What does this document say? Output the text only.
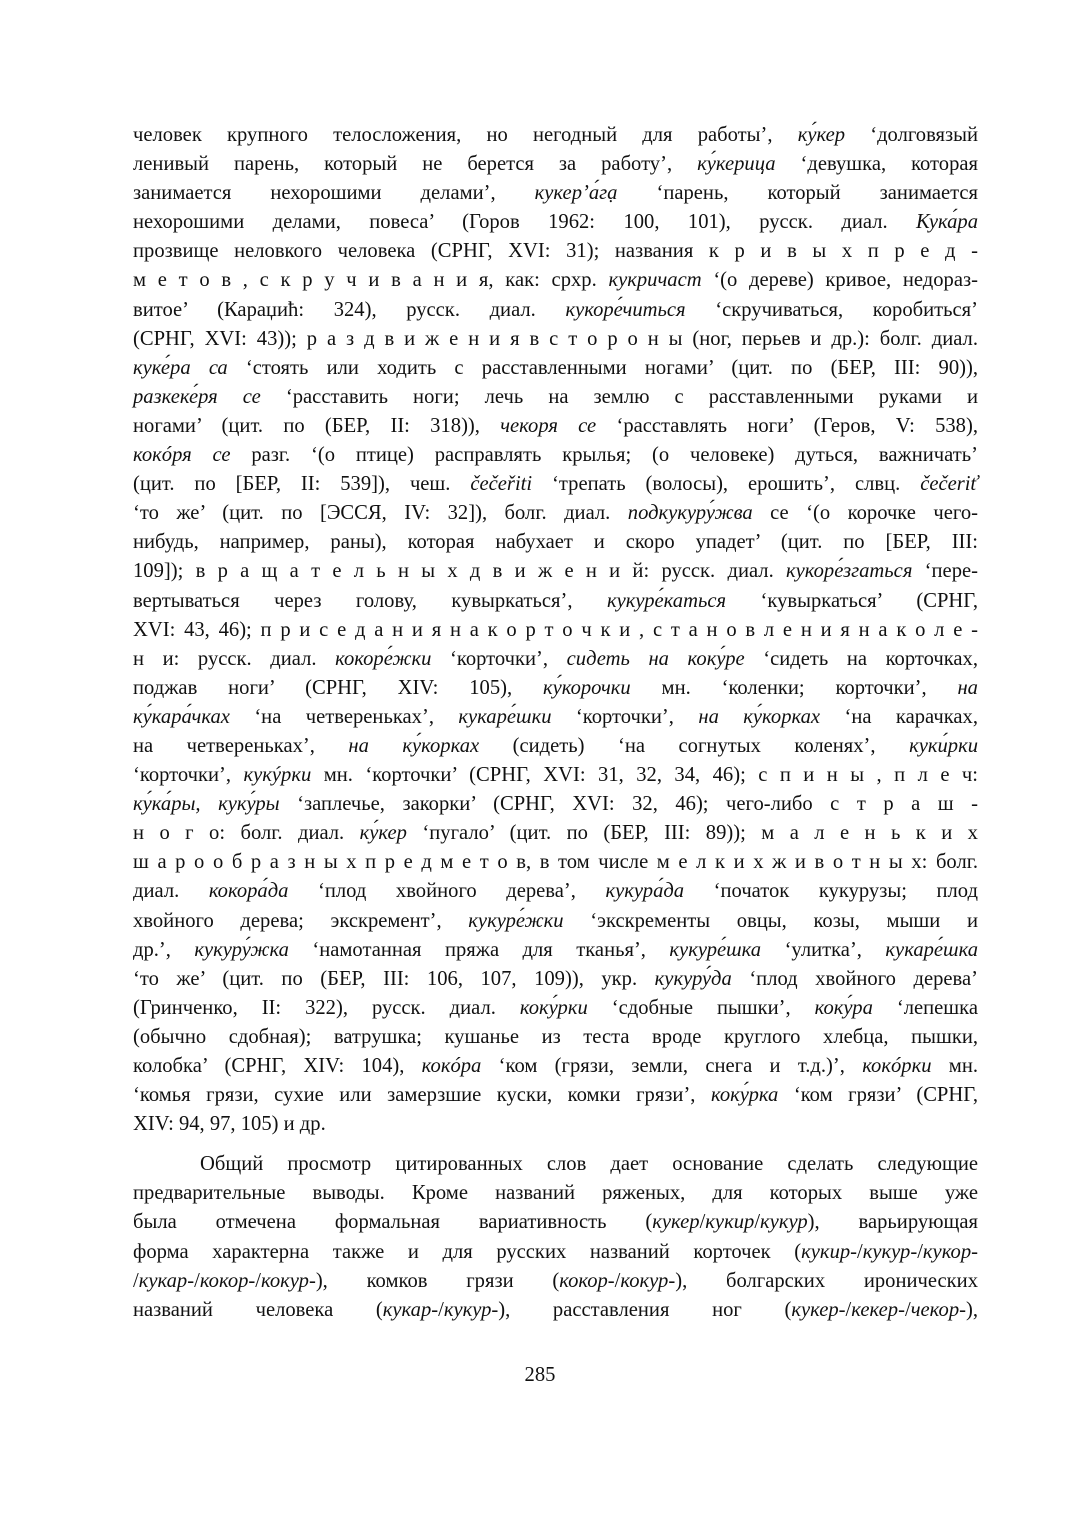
человек крупного телосложения, но негодный для работы’, ку́кер ‘долговязый
ленивый парень, который не берется за работу’, ку́керица ‘девушка, которая
занимается нехорошими делами’, кукер’а́гạ ‘парень, который занимается
нехорошими делами, повеса’ (Горов 1962: 100, 101), русск. диал. Кука́ра
прозвище неловкого человека (СРНГ, XVI: 31); названия к р и в ы х п р е д -
м е т о в , с к р у ч и в а н и я, как: срхр. кукричаст ‘(о дереве) кривое, недораз-
витое’ (Караџић: 324), русск. диал. кукоре́читься ‘скручиваться, коробиться’
(СРНГ, XVI: 43)); р а з д в и ж е н и я в с т о р о н ы (ног, перьев и др.): болг. диал.
куке́ра са ‘стоять или ходить с расставленными ногами’ (цит. по (БЕР, III: 90)),
разкеке́ря се ‘расставить ноги; лечь на землю с расставленными руками и
ногами’ (цит. по (БЕР, II: 318)), чекоря се ‘расставлять ноги’ (Геров, V: 538),
кокóря се разг. ‘(о птице) расправлять крылья; (о человеке) дуться, важничать’
(цит. по [БЕР, II: 539]), чеш. čečeřiti ‘трепать (волосы), ерошить’, слвц. čečeriť
‘то же’ (цит. по [ЭССЯ, IV: 32]), болг. диал. подкукуру́жва се ‘(о корочке чего-
нибудь, например, раны), которая набухает и скоро упадет’ (цит. по [БЕР, III:
109]); в р а щ а т е л ь н ы х д в и ж е н и й: русск. диал. кукоре́згаться ‘пере-
вертываться через голову, кувыркаться’, кукуре́каться ‘кувыркаться’ (СРНГ,
XVI: 43, 46); п р и с е д а н и я н а к о р т о ч к и , с т а н о в л е н и я н а к о л е -
н и: русск. диал. кокоре́жки ‘корточки’, сидеть на коку́ре ‘сидеть на корточках,
поджав ноги’ (СРНГ, XIV: 105), ку́корочки мн. ‘коленки; корточки’, на
ку́кара́чках ‘на четвереньках’, кукаре́шки ‘корточки’, на ку́корках ‘на карачках,
на четвереньках’, на ку́корках (сидеть) ‘на согнутых коленях’, куки́рки
‘корточки’, кукýрки мн. ‘корточки’ (СРНГ, XVI: 31, 32, 34, 46); с п и н ы , п л е ч:
ку́ка́ры, куку́ры ‘заплечье, закорки’ (СРНГ, XVI: 32, 46); чего-либо с т р а ш -
н о г о: болг. диал. ку́кер ‘пугало’ (цит. по (БЕР, III: 89)); м а л е н ь к и х
ш а р о о б р а з н ы х п р е д м е т о в, в том числе м е л к и х ж и в о т н ы х: болг.
диал. кокора́да ‘плод хвойного дерева’, кукура́да ‘початок кукурузы; плод
хвойного дерева; экскремент’, кукуре́жки ‘экскременты овцы, козы, мыши и
др.’, кукуру́жка ‘намотанная пряжа для тканья’, кукуре́шка ‘улитка’, кукаре́шка
‘то же’ (цит. по (БЕР, III: 106, 107, 109)), укр. кукуру́да ‘плод хвойного дерева’
(Гринченко, II: 322), русск. диал. коку́рки ‘сдобные пышки’, коку́ра ‘лепешка
(обычно сдобная); ватрушка; кушанье из теста вроде круглого хлебца, пышки,
колобка’ (СРНГ, XIV: 104), кокóра ‘ком (грязи, земли, снега и т.д.)’, кокóрки мн.
‘комья грязи, сухие или замерзшие куски, комки грязи’, коку́рка ‘ком грязи’ (СРНГ,
XIV: 94, 97, 105) и др.
Общий просмотр цитированных слов дает основание сделать следующие
предварительные выводы. Кроме названий ряженых, для которых выше уже
была отмечена формальная вариативность (кукер/кукир/кукур), варьирующая
форма характерна также и для русских названий корточек (кукир-/кукур-/кукор-
/кукар-/кокор-/кокур-), комков грязи (кокор-/кокур-), болгарских иронических
названий человека (кукар-/кукур-), расставления ног (кукер-/кекер-/чекор-),
285
